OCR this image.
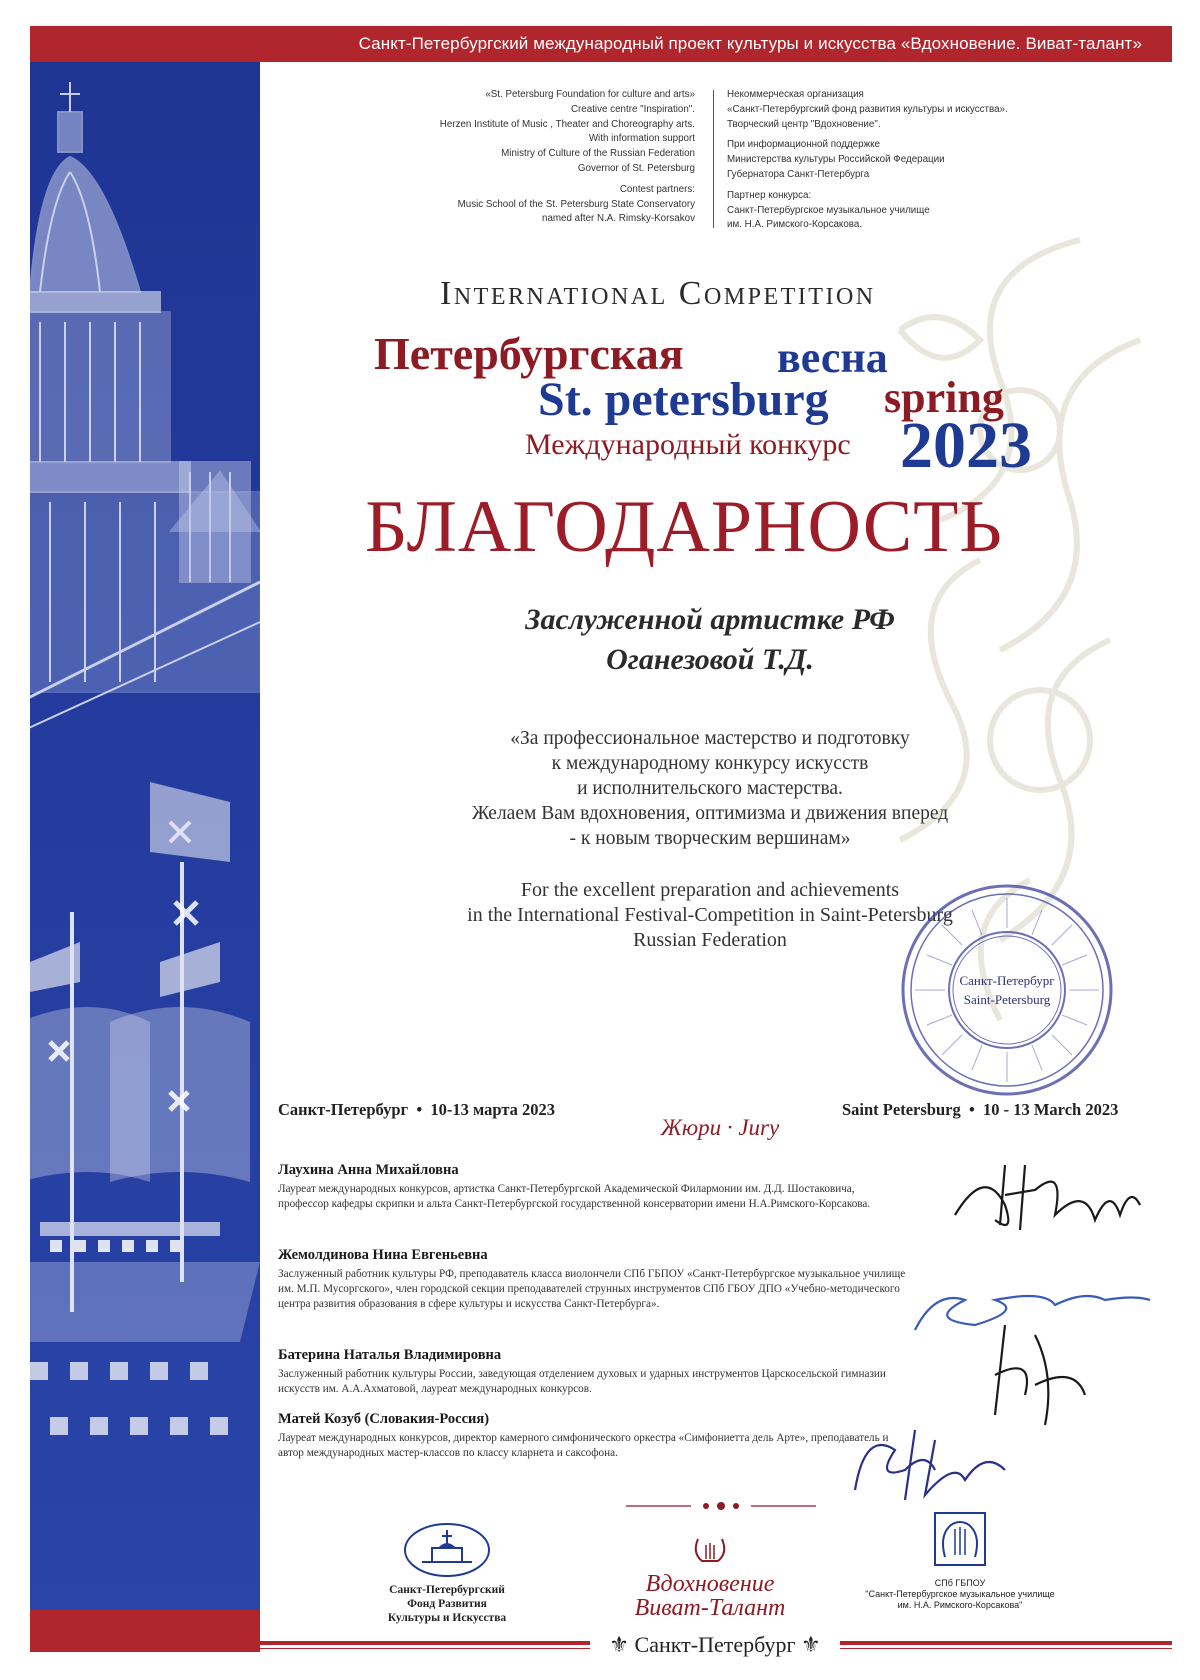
Санкт-Петербургский международный проект культуры и искусства «Вдохновение. Виват-талант»

«St. Petersburg Foundation for culture and arts»

Creative centre "Inspiration".

Herzen Institute of Music , Theater and Choreography arts.

With information support

Ministry of Culture of the Russian Federation

Governor of St. Petersburg

Contest partners:

Music School of the St. Petersburg State Conservatory

named after N.A. Rimsky-Korsakov

Некоммерческая организация

«Санкт-Петербургский фонд развития культуры и искусства».

Творческий центр "Вдохновение".

При информационной поддержке

Министерства культуры Российской Федерации

Губернатора Санкт-Петербурга

Партнер конкурса:

Санкт-Петербургское музыкальное училище

им. Н.А. Римского-Корсакова.

International Competition
Петербургская весна
St. petersburg spring
Международный конкурс 2023
БЛАГОДАРНОСТЬ
Заслуженной артистке РФ
Оганезовой Т.Д.

«За профессиональное мастерство и подготовку

к международному конкурсу искусств

и исполнительского мастерства.

Желаем Вам вдохновения, оптимизма и движения вперед

- к новым творческим вершинам»

For the excellent preparation and achievements

in the International Festival-Competition in Saint-Petersburg

Russian Federation

Санкт-Петербург
Saint-Petersburg
Санкт-Петербург  •  10-13 марта 2023	Saint Petersburg  •  10 - 13 March 2023
Жюри · Jury
Лаухина Анна Михайловна
Лауреат международных конкурсов, артистка Санкт-Петербургской Академической Филармонии им. Д.Д. Шостаковича, профессор кафедры скрипки и альта Санкт-Петербургской государственной консерватории имени Н.А.Римского-Корсакова.
Жемолдинова Нина Евгеньевна
Заслуженный работник культуры РФ, преподаватель класса виолончели СПб ГБПОУ «Санкт-Петербургское музыкальное училище им. М.П. Мусоргского», член городской секции преподавателей струнных инструментов СПб ГБОУ ДПО «Учебно-методического центра развития образования в сфере культуры и искусства Санкт-Петербурга».
Батерина Наталья Владимировна
Заслуженный работник культуры России, заведующая отделением духовых и ударных инструментов Царскосельской гимназии искусств им. А.А.Ахматовой, лауреат международных конкурсов.
Матей Козуб (Словакия-Россия)
Лауреат международных конкурсов, директор камерного симфонического оркестра «Симфониетта дель Арте», преподаватель и автор международных мастер-классов по классу кларнета и саксофона.
Санкт-Петербургский
Фонд Развития
Культуры и Искусства
Вдохновение
Виват-Талант
СПб ГБПОУ
"Санкт-Петербургское музыкальное училище
им. Н.А. Римского-Корсакова"
⚜ Санкт-Петербург ⚜
